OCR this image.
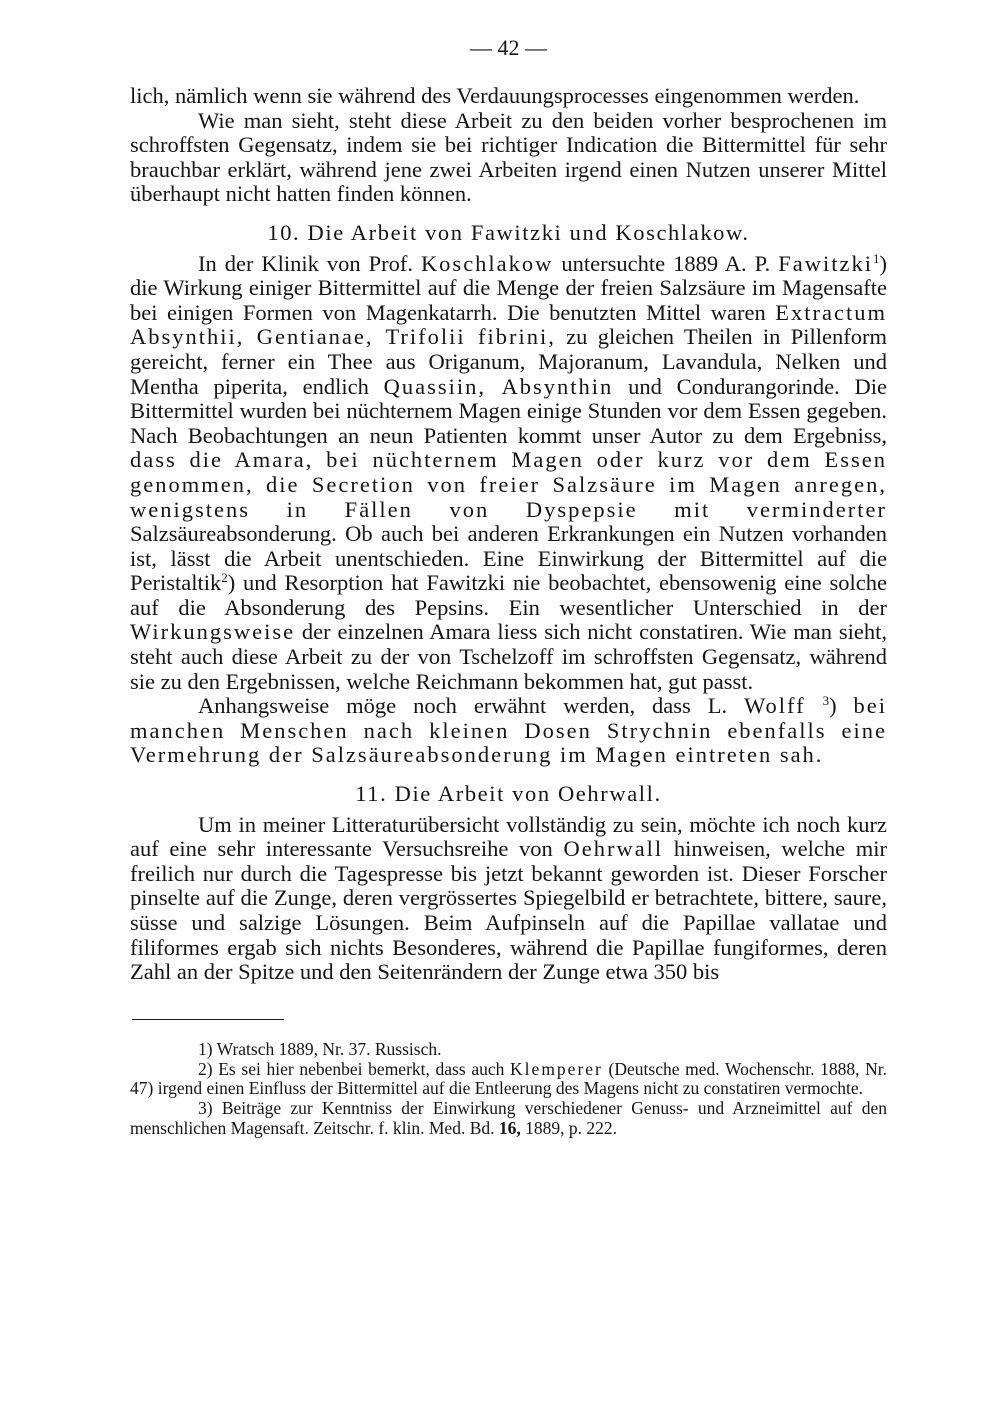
— 42 —

lich, nämlich wenn sie während des Verdauungsprocesses eingenommen werden.

Wie man sieht, steht diese Arbeit zu den beiden vorher besprochenen im schroffsten Gegensatz, indem sie bei richtiger Indication die Bittermittel für sehr brauchbar erklärt, während jene zwei Arbeiten irgend einen Nutzen unserer Mittel überhaupt nicht hatten finden können.

10. Die Arbeit von Fawitzki und Koschlakow.

In der Klinik von Prof. Koschlakow untersuchte 1889 A. P. Fawitzki$^1$) die Wirkung einiger Bittermittel auf die Menge der freien Salzsäure im Magensafte bei einigen Formen von Magenkatarrh. Die benutzten Mittel waren Extractum Absynthii, Gentianae, Trifolii fibrini, zu gleichen Theilen in Pillenform gereicht, ferner ein Thee aus Origanum, Majoranum, Lavandula, Nelken und Mentha piperita, endlich Quassiin, Absynthin und Condurangorinde. Die Bittermittel wurden bei nüchternem Magen einige Stunden vor dem Essen gegeben. Nach Beobachtungen an neun Patienten kommt unser Autor zu dem Ergebniss, dass die Amara, bei nüchternem Magen oder kurz vor dem Essen genommen, die Secretion von freier Salzsäure im Magen anregen, wenigstens in Fällen von Dyspepsie mit verminderter Salzsäureabsonderung. Ob auch bei anderen Erkrankungen ein Nutzen vorhanden ist, lässt die Arbeit unentschieden. Eine Einwirkung der Bittermittel auf die Peristaltik$^2$) und Resorption hat Fawitzki nie beobachtet, ebensowenig eine solche auf die Absonderung des Pepsins. Ein wesentlicher Unterschied in der Wirkungsweise der einzelnen Amara liess sich nicht constatiren. Wie man sieht, steht auch diese Arbeit zu der von Tschelzoff im schroffsten Gegensatz, während sie zu den Ergebnissen, welche Reichmann bekommen hat, gut passt.

Anhangsweise möge noch erwähnt werden, dass L. Wolff $^3$) bei manchen Menschen nach kleinen Dosen Strychnin ebenfalls eine Vermehrung der Salzsäureabsonderung im Magen eintreten sah.

11. Die Arbeit von Oehrwall.

Um in meiner Litteraturübersicht vollständig zu sein, möchte ich noch kurz auf eine sehr interessante Versuchsreihe von Oehrwall hinweisen, welche mir freilich nur durch die Tagespresse bis jetzt bekannt geworden ist. Dieser Forscher pinselte auf die Zunge, deren vergrössertes Spiegelbild er betrachtete, bittere, saure, süsse und salzige Lösungen. Beim Aufpinseln auf die Papillae vallatae und filiformes ergab sich nichts Besonderes, während die Papillae fungiformes, deren Zahl an der Spitze und den Seitenrändern der Zunge etwa 350 bis

1) Wratsch 1889, Nr. 37. Russisch.

2) Es sei hier nebenbei bemerkt, dass auch Klemperer (Deutsche med. Wochenschr. 1888, Nr. 47) irgend einen Einfluss der Bittermittel auf die Entleerung des Magens nicht zu constatiren vermochte.

3) Beiträge zur Kenntniss der Einwirkung verschiedener Genuss- und Arzneimittel auf den menschlichen Magensaft. Zeitschr. f. klin. Med. Bd. 16, 1889, p. 222.
